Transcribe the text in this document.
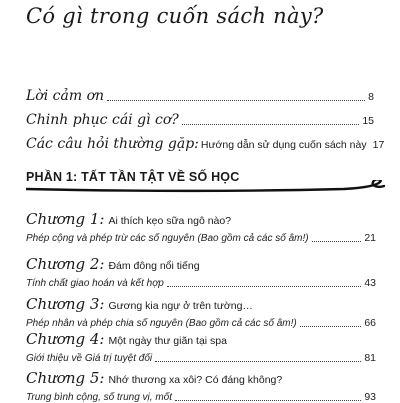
Có gì trong cuốn sách này?
Lời cảm ơn	8
Chinh phục cái gì cơ?	15
Các câu hỏi thường gặp: Hướng dẫn sử dụng cuốn sách này 17
PHẦN 1: TẤT TẦN TẬT VỀ SỐ HỌC
Chương 1: Ai thích kẹo sữa ngô nào?
Phép cộng và phép trừ các số nguyên (Bao gồm cả các số âm!)	21
Chương 2: Đám đông nổi tiếng
Tính chất giao hoán và kết hợp	43
Chương 3: Gương kia ngự ở trên tường…
Phép nhân và phép chia số nguyên (Bao gồm cả các số âm!)	66
Chương 4: Một ngày thư giãn tại spa
Giới thiệu về Giá trị tuyệt đối	81
Chương 5: Nhớ thương xa xôi? Có đáng không?
Trung bình cộng, số trung vị, mốt	93
